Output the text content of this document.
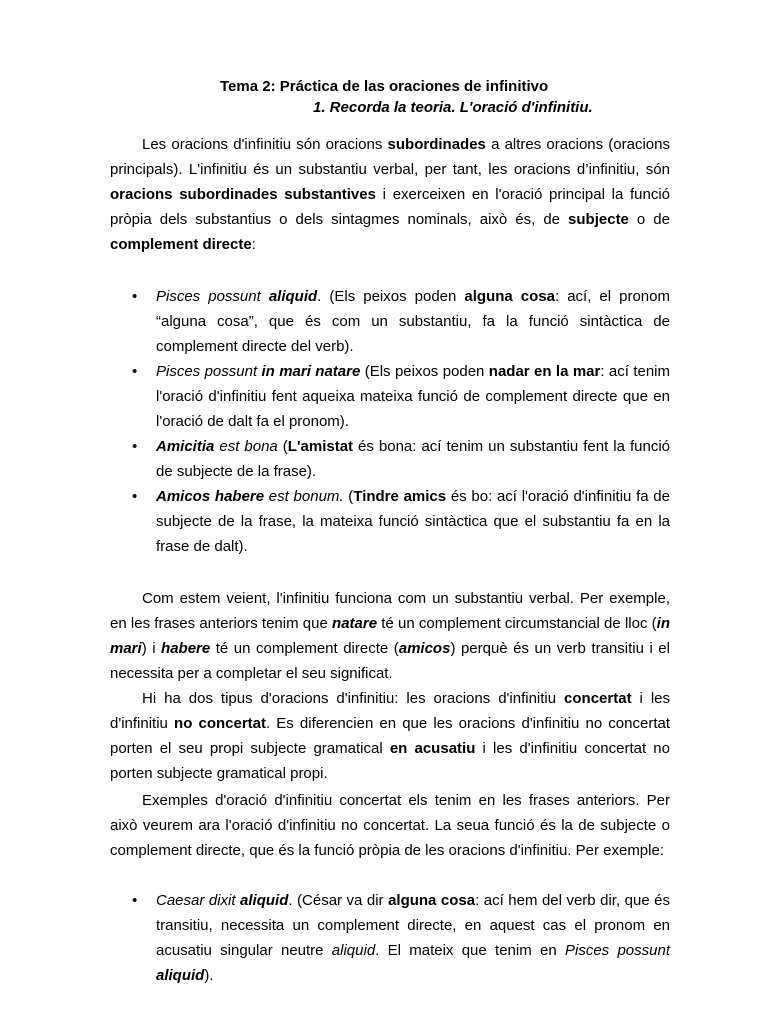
Tema 2: Práctica de las oraciones de infinitivo
1. Recorda la teoria. L'oració d'infinitiu.

Les oracions d'infinitiu són oracions subordinades a altres oracions (oracions principals). L'infinitiu és un substantiu verbal, per tant, les oracions d’infinitiu, són oracions subordinades substantives i exerceixen en l'oració principal la funció pròpia dels substantius o dels sintagmes nominals, això és, de subjecte o de complement directe:

• Pisces possunt aliquid. (Els peixos poden alguna cosa: ací, el pronom “alguna cosa”, que és com un substantiu, fa la funció sintàctica de complement directe del verb).
• Pisces possunt in mari natare (Els peixos poden nadar en la mar: ací tenim l'oració d'infinitiu fent aqueixa mateixa funció de complement directe que en l'oració de dalt fa el pronom).
• Amicitia est bona (L'amistat és bona: ací tenim un substantiu fent la funció de subjecte de la frase).
• Amicos habere est bonum. (Tindre amics és bo: ací l'oració d'infinitiu fa de subjecte de la frase, la mateixa funció sintàctica que el substantiu fa en la frase de dalt).

Com estem veient, l'infinitiu funciona com un substantiu verbal. Per exemple, en les frases anteriors tenim que natare té un complement circumstancial de lloc (in mari) i habere té un complement directe (amicos) perquè és un verb transitiu i el necessita per a completar el seu significat.

Hi ha dos tipus d'oracions d'infinitiu: les oracions d'infinitiu concertat i les d'infinitiu no concertat. Es diferencien en que les oracions d'infinitiu no concertat porten el seu propi subjecte gramatical en acusatiu i les d'infinitiu concertat no porten subjecte gramatical propi.

Exemples d'oració d'infinitiu concertat els tenim en les frases anteriors. Per això veurem ara l'oració d'infinitiu no concertat. La seua funció és la de subjecte o complement directe, que és la funció pròpia de les oracions d'infinitiu. Per exemple:

• Caesar dixit aliquid. (César va dir alguna cosa: ací hem del verb dir, que és transitiu, necessita un complement directe, en aquest cas el pronom en acusatiu singular neutre aliquid. El mateix que tenim en Pisces possunt aliquid).
